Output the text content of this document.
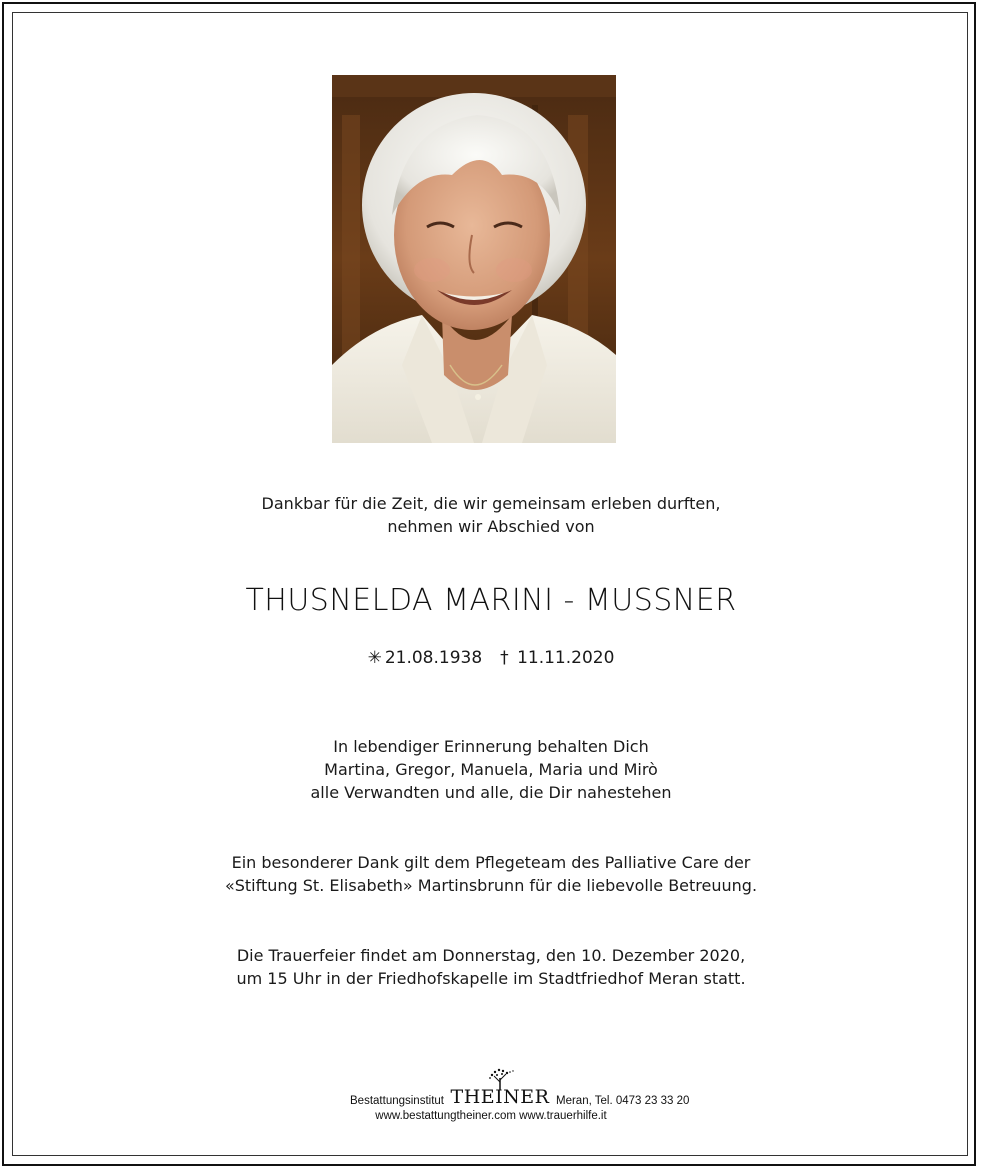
Dankbar für die Zeit, die wir gemeinsam erleben durften,
nehmen wir Abschied von
THUSNELDA MARINI - MUSSNER
✳ 21.08.1938 † 11.11.2020
In lebendiger Erinnerung behalten Dich
Martina, Gregor, Manuela, Maria und Mirò
alle Verwandten und alle, die Dir nahestehen
Ein besonderer Dank gilt dem Pflegeteam des Palliative Care der
«Stiftung St. Elisabeth» Martinsbrunn für die liebevolle Betreuung.
Die Trauerfeier findet am Donnerstag, den 10. Dezember 2020,
um 15 Uhr in der Friedhofskapelle im Stadtfriedhof Meran statt.
Bestattungsinstitut THEINER Meran, Tel. 0473 23 33 20
www.bestattungtheiner.com www.trauerhilfe.it
